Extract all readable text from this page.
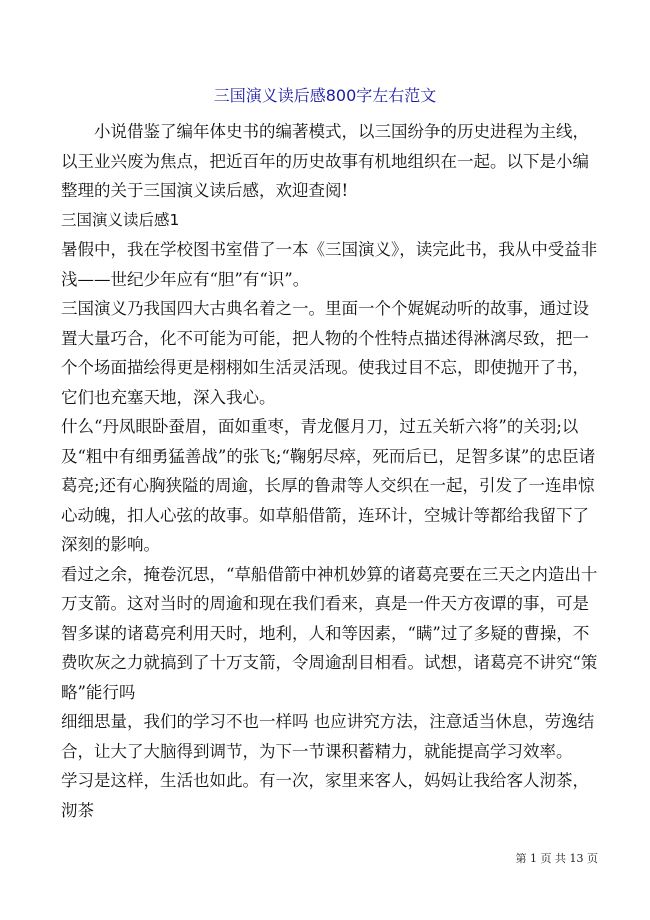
三国演义读后感800字左右范文

小说借鉴了编年体史书的编著模式，以三国纷争的历史进程为主线，以王业兴废为焦点，把近百年的历史故事有机地组织在一起。以下是小编整理的关于三国演义读后感，欢迎查阅!

三国演义读后感1

暑假中，我在学校图书室借了一本《三国演义》，读完此书，我从中受益非浅——世纪少年应有“胆”有“识”。

三国演义乃我国四大古典名着之一。里面一个个娓娓动听的故事，通过设置大量巧合，化不可能为可能，把人物的个性特点描述得淋漓尽致，把一个个场面描绘得更是栩栩如生活灵活现。使我过目不忘，即使抛开了书，它们也充塞天地，深入我心。

什么“丹凤眼卧蚕眉，面如重枣，青龙偃月刀，过五关斩六将”的关羽;以及“粗中有细勇猛善战”的张飞;“鞠躬尽瘁，死而后已，足智多谋”的忠臣诸葛亮;还有心胸狭隘的周逾，长厚的鲁肃等人交织在一起，引发了一连串惊心动魄，扣人心弦的故事。如草船借箭，连环计，空城计等都给我留下了深刻的影响。

看过之余，掩卷沉思，“草船借箭中神机妙算的诸葛亮要在三天之内造出十万支箭。这对当时的周逾和现在我们看来，真是一件天方夜谭的事，可是智多谋的诸葛亮利用天时，地利，人和等因素，“瞒”过了多疑的曹操，不费吹灰之力就搞到了十万支箭，令周逾刮目相看。试想，诸葛亮不讲究“策略”能行吗

细细思量，我们的学习不也一样吗 也应讲究方法，注意适当休息，劳逸结合，让大了大脑得到调节，为下一节课积蓄精力，就能提高学习效率。

学习是这样，生活也如此。有一次，家里来客人，妈妈让我给客人沏茶，沏茶

第 1 页 共 13 页
